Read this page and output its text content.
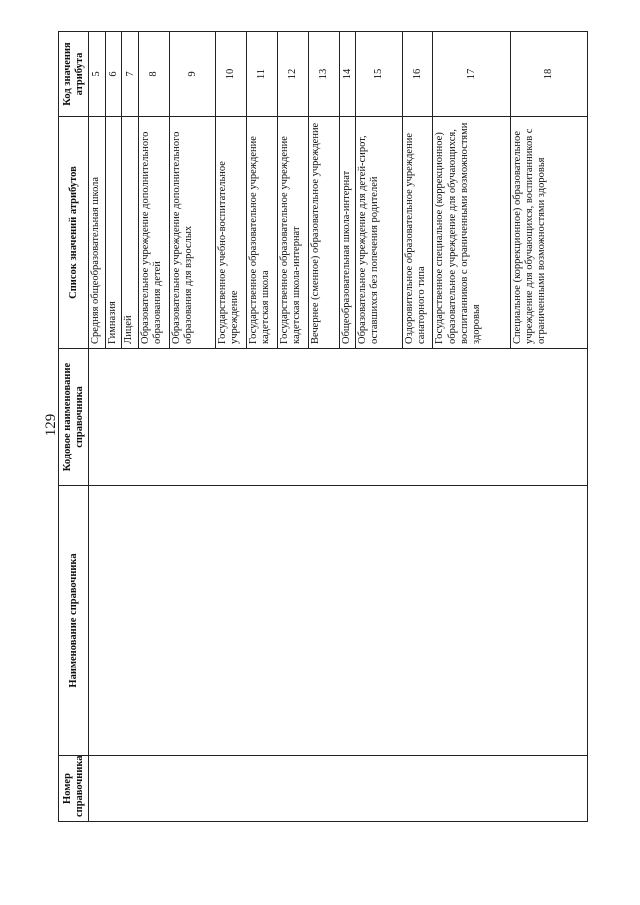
129
Номер справочника	Наименование справочника	Кодовое наименование справочника	Список значений атрибутов	Код значения атрибута
			Средняя общеобразовательная школа	5
			Гимназия	6
			Лицей	7
			Образовательное учреждение дополнительного образования детей	8
			Образовательное учреждение дополнительного образования для взрослых	9
			Государственное учебно-воспитательное учреждение	10
			Государственное образовательное учреждение кадетская школа	11
			Государственное образовательное учреждение кадетская школа-интернат	12
			Вечернее (сменное) образовательное учреждение	13
			Общеобразовательная школа-интернат	14
			Образовательное учреждение для детей-сирот, оставшихся без попечения родителей	15
			Оздоровительное образовательное учреждение санаторного типа	16
			Государственное специальное (коррекционное) образовательное учреждение для обучающихся, воспитанников с ограниченными возможностями здоровья	17
			Специальное (коррекционное) образовательное учреждение для обучающихся, воспитанников с ограниченными возможностями здоровья	18
